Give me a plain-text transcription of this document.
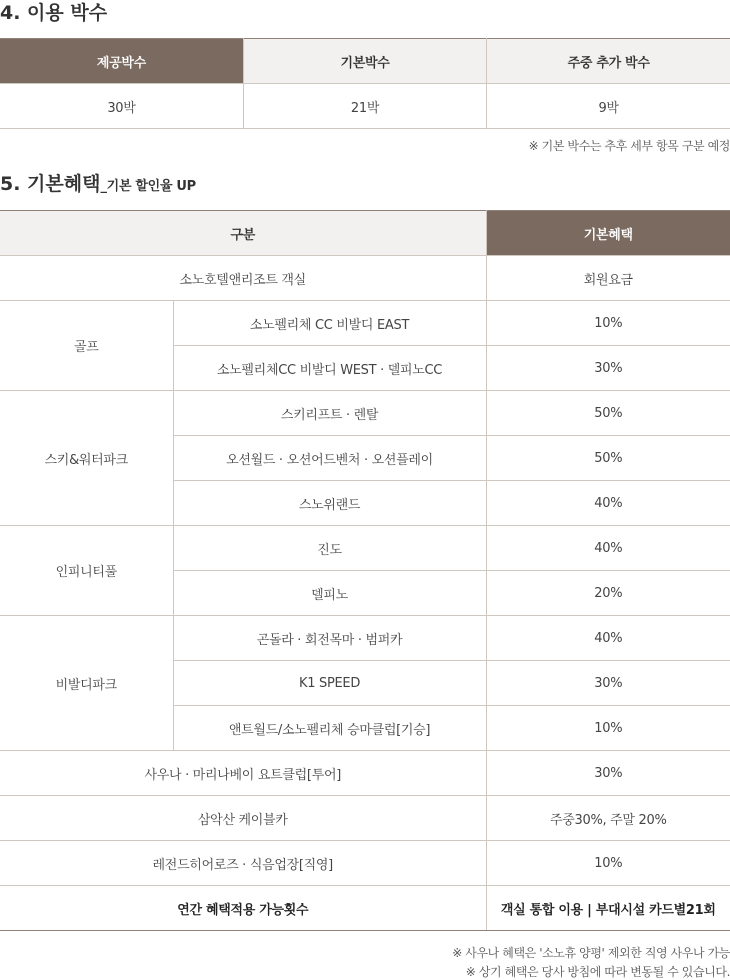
4. 이용 박수
제공박수	기본박수	주중 추가 박수
30박	21박	9박
※ 기본 박수는 추후 세부 항목 구분 예정
5. 기본혜택_기본 할인율 UP
구분		기본혜택
소노호텔앤리조트 객실		회원요금
골프	소노펠리체 CC 비발디 EAST	10%
	소노펠리체CC 비발디 WEST · 델피노CC	30%
스키&워터파크	스키리프트 · 렌탈	50%
	오션월드 · 오션어드벤처 · 오션플레이	50%
	스노위랜드	40%
인피니티풀	진도	40%
	델피노	20%
비발디파크	곤돌라 · 회전목마 · 범퍼카	40%
	K1 SPEED	30%
	앤트월드/소노펠리체 승마클럽[기승]	10%
사우나 · 마리나베이 요트클럽[투어]		30%
삼악산 케이블카		주중30%, 주말 20%
레전드히어로즈 · 식음업장[직영]		10%
연간 혜택적용 가능횟수		객실 통합 이용 | 부대시설 카드별21회
※ 사우나 혜택은 '소노휴 양평' 제외한 직영 사우나 가능
※ 상기 혜택은 당사 방침에 따라 변동될 수 있습니다.
